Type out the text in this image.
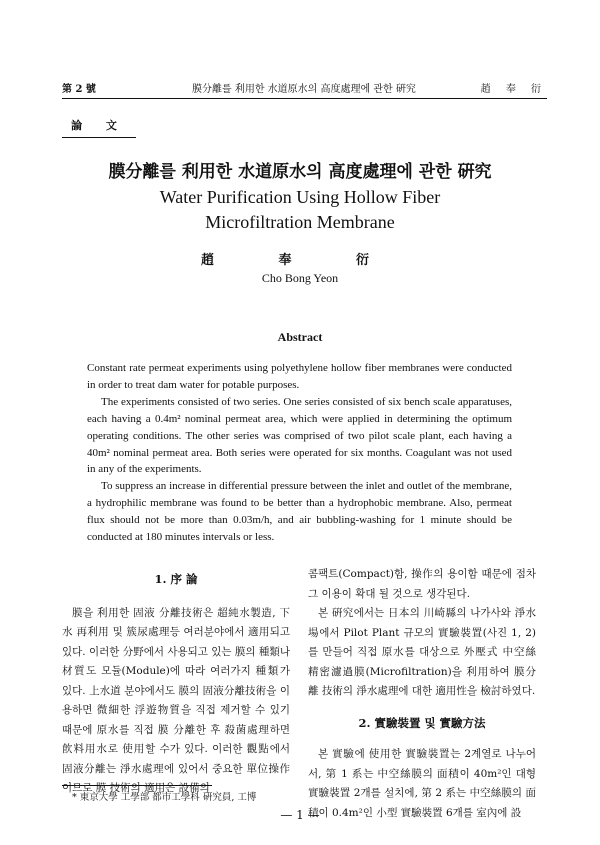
第 2 號	膜分離를 利用한 水道原水의 高度處理에 관한 硏究	趙 奉 衍
論 文
膜分離를 利用한 水道原水의 高度處理에 관한 硏究
Water Purification Using Hollow Fiber
Microfiltration Membrane
趙 奉 衍
Cho Bong Yeon
Abstract

Constant rate permeat experiments using polyethylene hollow fiber membranes were conducted in order to treat dam water for potable purposes.

The experiments consisted of two series. One series consisted of six bench scale apparatuses, each having a 0.4m² nominal permeat area, which were applied in determining the optimum operating conditions. The other series was comprised of two pilot scale plant, each having a 40m² nominal permeat area. Both series were operated for six months. Coagulant was not used in any of the experiments.

To suppress an increase in differential pressure between the inlet and outlet of the membrane, a hydrophilic membrane was found to be better than a hydrophobic membrane. Also, permeat flux should not be more than 0.03m/h, and air bubbling-washing for 1 minute should be conducted at 180 minutes intervals or less.

1. 序 論

膜을 利用한 固液 分離技術은 超純水製造, 下水 再利用 및 簇尿處理등 여러분야에서 適用되고 있다. 이러한 分野에서 사용되고 있는 膜의 種類나 材質도 모듈(Module)에 따라 여러가지 種類가 있다. 上水道 분야에서도 膜의 固液分離技術을 이용하면 微細한 浮遊物質을 직접 제거할 수 있기 때문에 原水를 직접 膜 分離한 후 殺菌處理하면 飮料用水로 使用할 수가 있다. 이러한 觀點에서 固液分離는 淨水處理에 있어서 중요한 單位操作이므로 膜 技術의 適用은 設備의

콤팩트(Compact)함, 操作의 용이함 때문에 점차 그 이용이 확대 될 것으로 생각된다.

본 硏究에서는 日本의 川崎縣의 나가사와 淨水場에서 Pilot Plant 규모의 實驗裝置(사진 1, 2)를 만들어 직접 原水를 대상으로 外壓式 中空絲 精密濾過膜(Microfiltration)을 利用하여 膜分離 技術의 淨水處理에 대한 適用性을 檢討하였다.

2. 實驗裝置 및 實驗方法

본 實驗에 使用한 實驗裝置는 2계열로 나누어서, 第 1 系는 中空絲膜의 面積이 40m²인 대형 實驗裝置 2개를 설치에, 第 2 系는 中空絲膜의 面積이 0.4m²인 小型 實驗裝置 6개를 室內에 設

* 東京大學 工學部 都市工學科 硏究員, 工博
— 1 —
